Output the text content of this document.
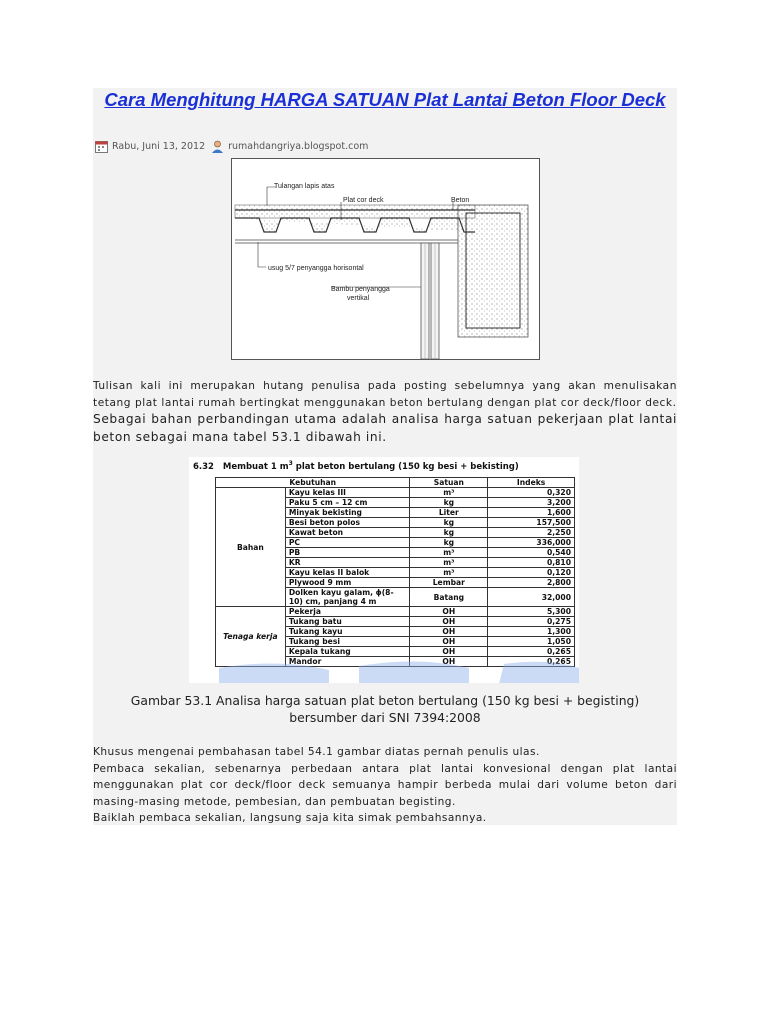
Cara Menghitung HARGA SATUAN Plat Lantai Beton Floor Deck
Rabu, Juni 13, 2012 rumahdangriya.blogspot.com
Tulangan lapis atas
Plat cor deck	Beton
usug 5/7 penyangga horisontal
Bambu penyangga
vertikal

Tulisan kali ini merupakan hutang penulisa pada posting sebelumnya yang akan menulisakan tetang plat lantai rumah bertingkat menggunakan beton bertulang dengan plat cor deck/floor deck.

Sebagai bahan perbandingan utama adalah analisa harga satuan pekerjaan plat lantai beton sebagai mana tabel 53.1 dibawah ini.

6.32 Membuat 1 $m^3$ plat beton bertulang (150 kg besi + bekisting)
Kebutuhan		Satuan	Indeks
Bahan	Kayu kelas III	m³	0,320
	Paku 5 cm – 12 cm	kg	3,200
	Minyak bekisting	Liter	1,600
	Besi beton polos	kg	157,500
	Kawat beton	kg	2,250
	PC	kg	336,000
	PB	m³	0,540
	KR	m³	0,810
	Kayu kelas II balok	m³	0,120
	Plywood 9 mm	Lembar	2,800
	Dolken kayu galam, ϕ(8-10) cm, panjang 4 m	Batang	32,000
Tenaga kerja	Pekerja	OH	5,300
	Tukang batu	OH	0,275
	Tukang kayu	OH	1,300
	Tukang besi	OH	1,050
	Kepala tukang	OH	0,265
	Mandor	OH	0,265
Gambar 53.1 Analisa harga satuan plat beton bertulang (150 kg besi + begisting)
bersumber dari SNI 7394:2008
Khusus mengenai pembahasan tabel 54.1 gambar diatas pernah penulis ulas.
Pembaca sekalian, sebenarnya perbedaan antara plat lantai konvesional dengan plat lantai menggunakan plat cor deck/floor deck semuanya hampir berbeda mulai dari volume beton dari masing-masing metode, pembesian, dan pembuatan begisting.
Baiklah pembaca sekalian, langsung saja kita simak pembahsannya.
